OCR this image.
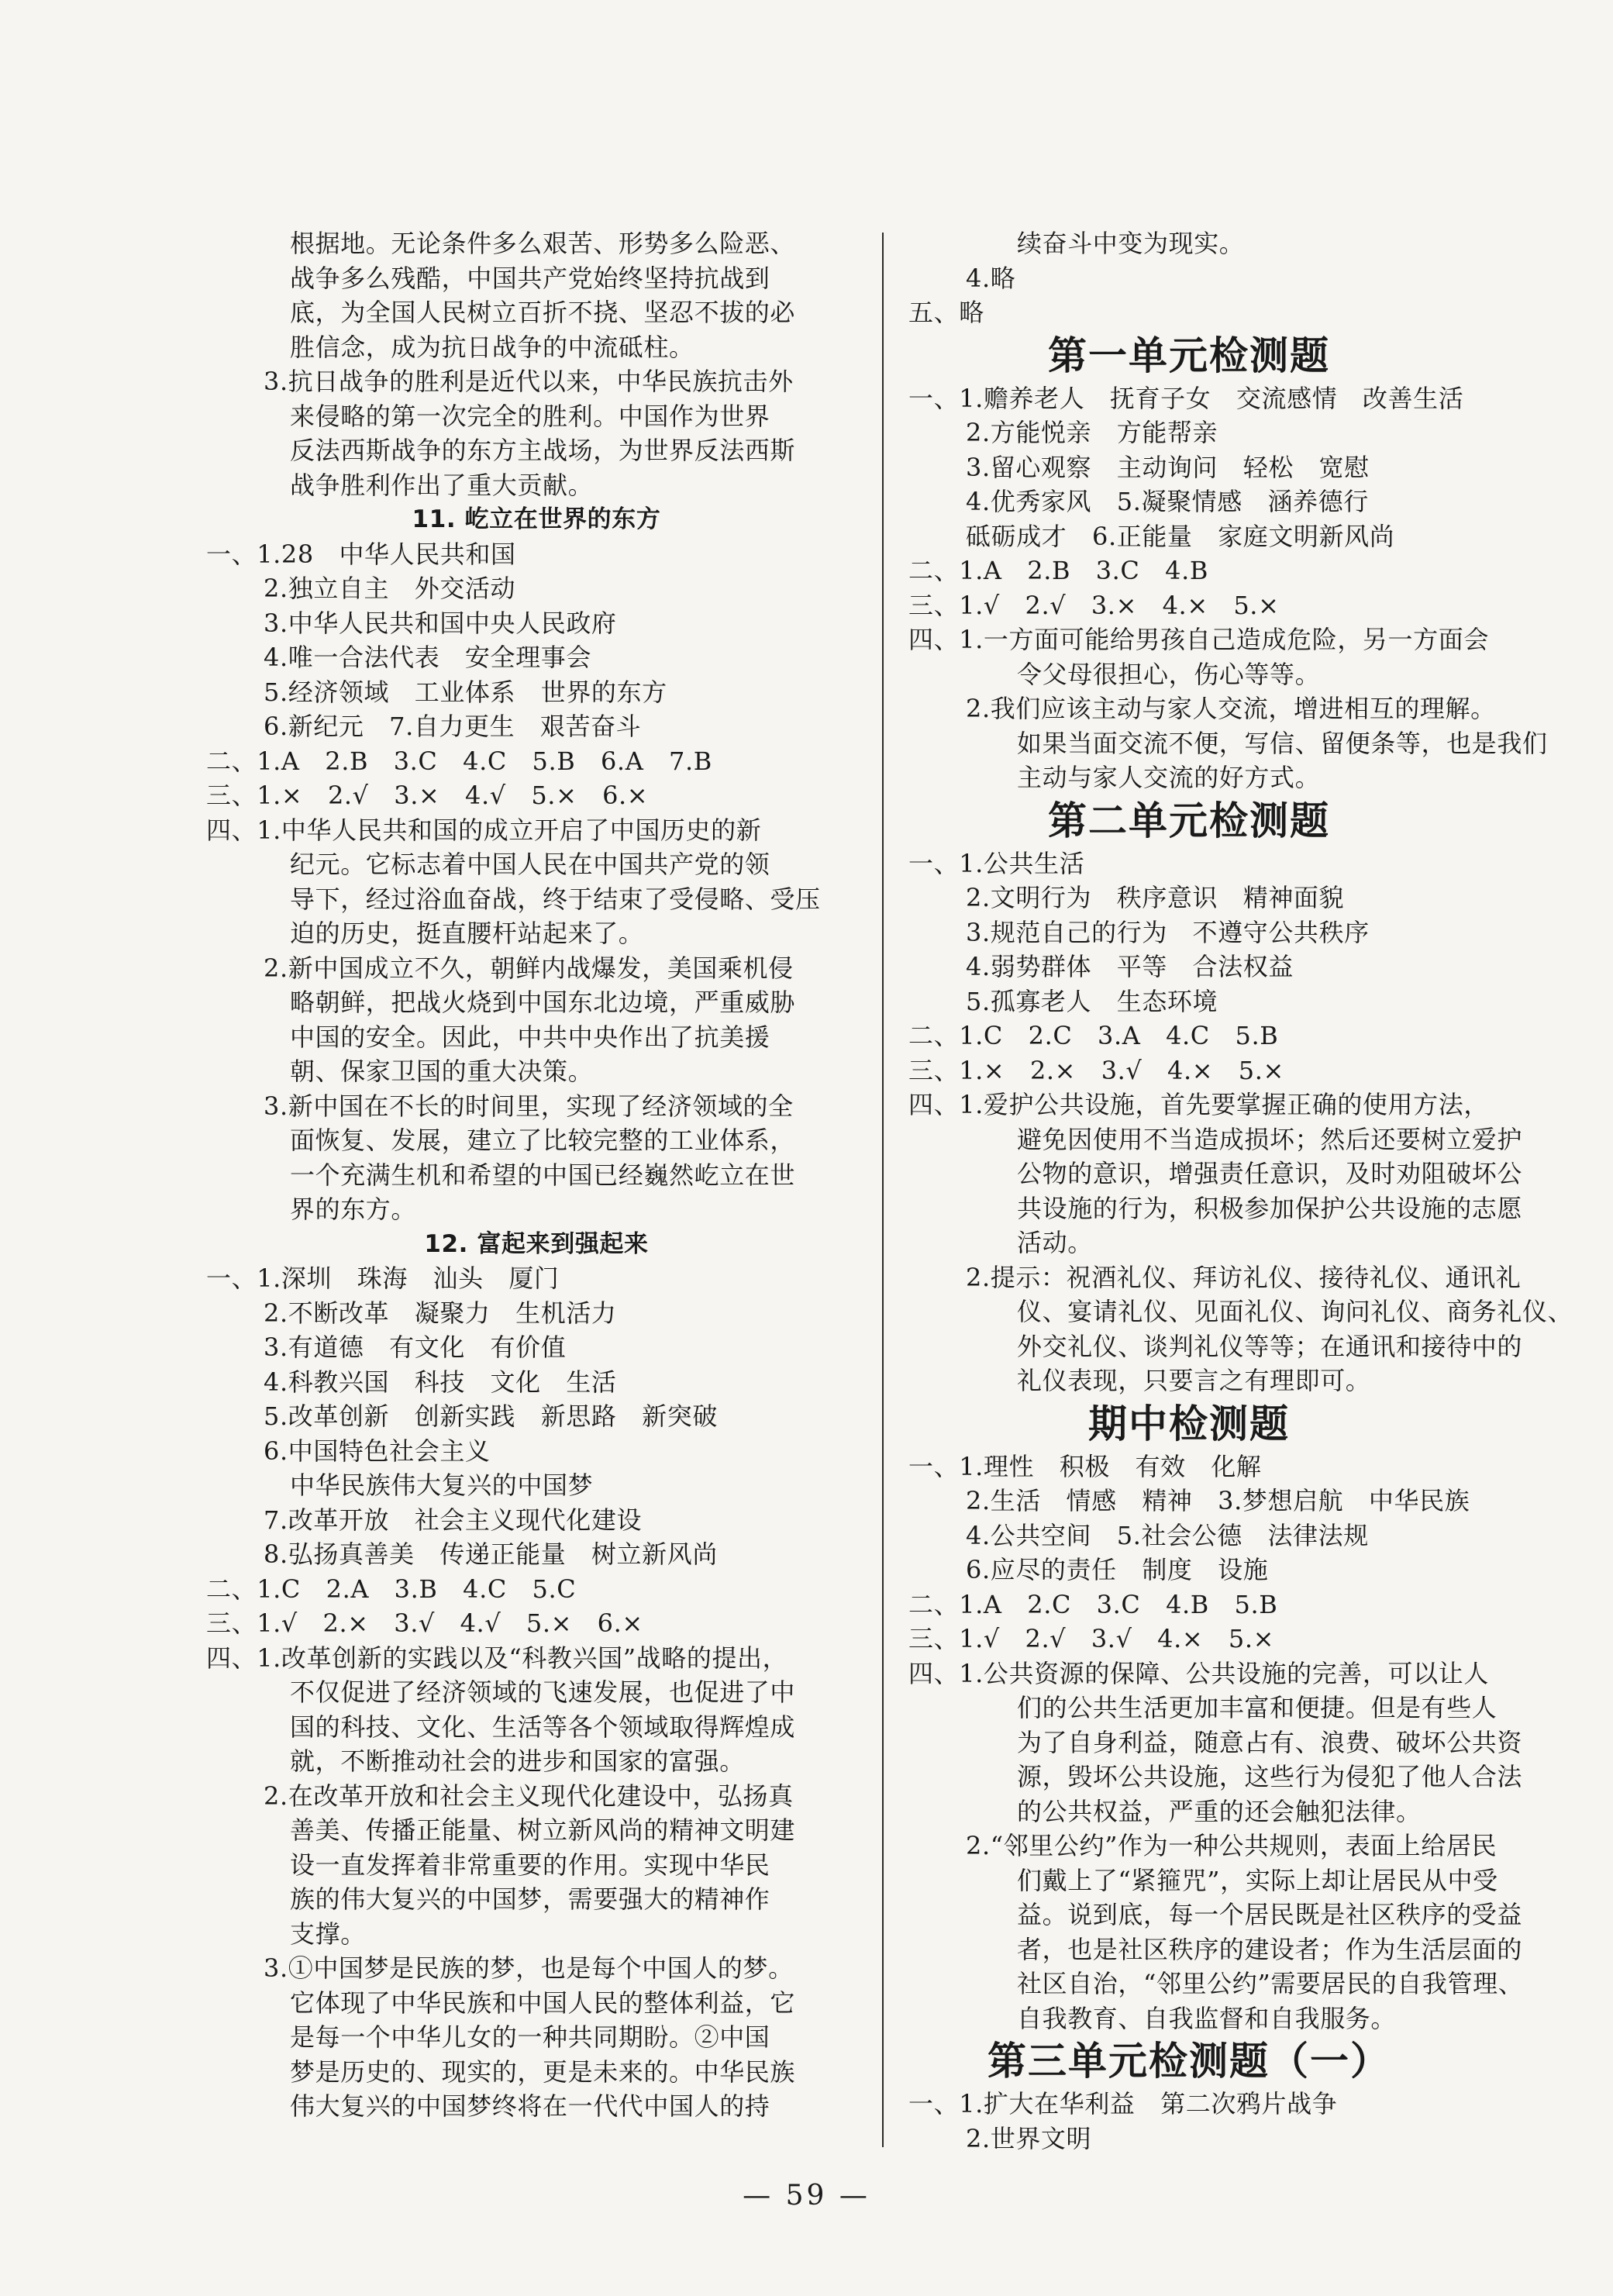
根据地。无论条件多么艰苦、形势多么险恶、
战争多么残酷，中国共产党始终坚持抗战到
底，为全国人民树立百折不挠、坚忍不拔的必
胜信念，成为抗日战争的中流砥柱。
3.抗日战争的胜利是近代以来，中华民族抗击外
来侵略的第一次完全的胜利。中国作为世界
反法西斯战争的东方主战场，为世界反法西斯
战争胜利作出了重大贡献。
11. 屹立在世界的东方
一、1.28　中华人民共和国
2.独立自主　外交活动
3.中华人民共和国中央人民政府
4.唯一合法代表　安全理事会
5.经济领域　工业体系　世界的东方
6.新纪元　7.自力更生　艰苦奋斗
二、1.A　2.B　3.C　4.C　5.B　6.A　7.B
三、1.×　2.√　3.×　4.√　5.×　6.×
四、1.中华人民共和国的成立开启了中国历史的新
纪元。它标志着中国人民在中国共产党的领
导下，经过浴血奋战，终于结束了受侵略、受压
迫的历史，挺直腰杆站起来了。
2.新中国成立不久，朝鲜内战爆发，美国乘机侵
略朝鲜，把战火烧到中国东北边境，严重威胁
中国的安全。因此，中共中央作出了抗美援
朝、保家卫国的重大决策。
3.新中国在不长的时间里，实现了经济领域的全
面恢复、发展，建立了比较完整的工业体系，
一个充满生机和希望的中国已经巍然屹立在世
界的东方。
12. 富起来到强起来
一、1.深圳　珠海　汕头　厦门
2.不断改革　凝聚力　生机活力
3.有道德　有文化　有价值
4.科教兴国　科技　文化　生活
5.改革创新　创新实践　新思路　新突破
6.中国特色社会主义
中华民族伟大复兴的中国梦
7.改革开放　社会主义现代化建设
8.弘扬真善美　传递正能量　树立新风尚
二、1.C　2.A　3.B　4.C　5.C
三、1.√　2.×　3.√　4.√　5.×　6.×
四、1.改革创新的实践以及“科教兴国”战略的提出，
不仅促进了经济领域的飞速发展，也促进了中
国的科技、文化、生活等各个领域取得辉煌成
就，不断推动社会的进步和国家的富强。
2.在改革开放和社会主义现代化建设中，弘扬真
善美、传播正能量、树立新风尚的精神文明建
设一直发挥着非常重要的作用。实现中华民
族的伟大复兴的中国梦，需要强大的精神作
支撑。
3.①中国梦是民族的梦，也是每个中国人的梦。
它体现了中华民族和中国人民的整体利益，它
是每一个中华儿女的一种共同期盼。②中国
梦是历史的、现实的，更是未来的。中华民族
伟大复兴的中国梦终将在一代代中国人的持
续奋斗中变为现实。
4.略
五、略
第一单元检测题
一、1.赡养老人　抚育子女　交流感情　改善生活
2.方能悦亲　方能帮亲
3.留心观察　主动询问　轻松　宽慰
4.优秀家风　5.凝聚情感　涵养德行
砥砺成才　6.正能量　家庭文明新风尚
二、1.A　2.B　3.C　4.B
三、1.√　2.√　3.×　4.×　5.×
四、1.一方面可能给男孩自己造成危险，另一方面会
令父母很担心，伤心等等。
2.我们应该主动与家人交流，增进相互的理解。
如果当面交流不便，写信、留便条等，也是我们
主动与家人交流的好方式。
第二单元检测题
一、1.公共生活
2.文明行为　秩序意识　精神面貌
3.规范自己的行为　不遵守公共秩序
4.弱势群体　平等　合法权益
5.孤寡老人　生态环境
二、1.C　2.C　3.A　4.C　5.B
三、1.×　2.×　3.√　4.×　5.×
四、1.爱护公共设施，首先要掌握正确的使用方法，
避免因使用不当造成损坏；然后还要树立爱护
公物的意识，增强责任意识，及时劝阻破坏公
共设施的行为，积极参加保护公共设施的志愿
活动。
2.提示：祝酒礼仪、拜访礼仪、接待礼仪、通讯礼
仪、宴请礼仪、见面礼仪、询问礼仪、商务礼仪、
外交礼仪、谈判礼仪等等；在通讯和接待中的
礼仪表现，只要言之有理即可。
期中检测题
一、1.理性　积极　有效　化解
2.生活　情感　精神　3.梦想启航　中华民族
4.公共空间　5.社会公德　法律法规
6.应尽的责任　制度　设施
二、1.A　2.C　3.C　4.B　5.B
三、1.√　2.√　3.√　4.×　5.×
四、1.公共资源的保障、公共设施的完善，可以让人
们的公共生活更加丰富和便捷。但是有些人
为了自身利益，随意占有、浪费、破坏公共资
源，毁坏公共设施，这些行为侵犯了他人合法
的公共权益，严重的还会触犯法律。
2.“邻里公约”作为一种公共规则，表面上给居民
们戴上了“紧箍咒”，实际上却让居民从中受
益。说到底，每一个居民既是社区秩序的受益
者，也是社区秩序的建设者；作为生活层面的
社区自治，“邻里公约”需要居民的自我管理、
自我教育、自我监督和自我服务。
第三单元检测题（一）
一、1.扩大在华利益　第二次鸦片战争
2.世界文明
— 59 —
